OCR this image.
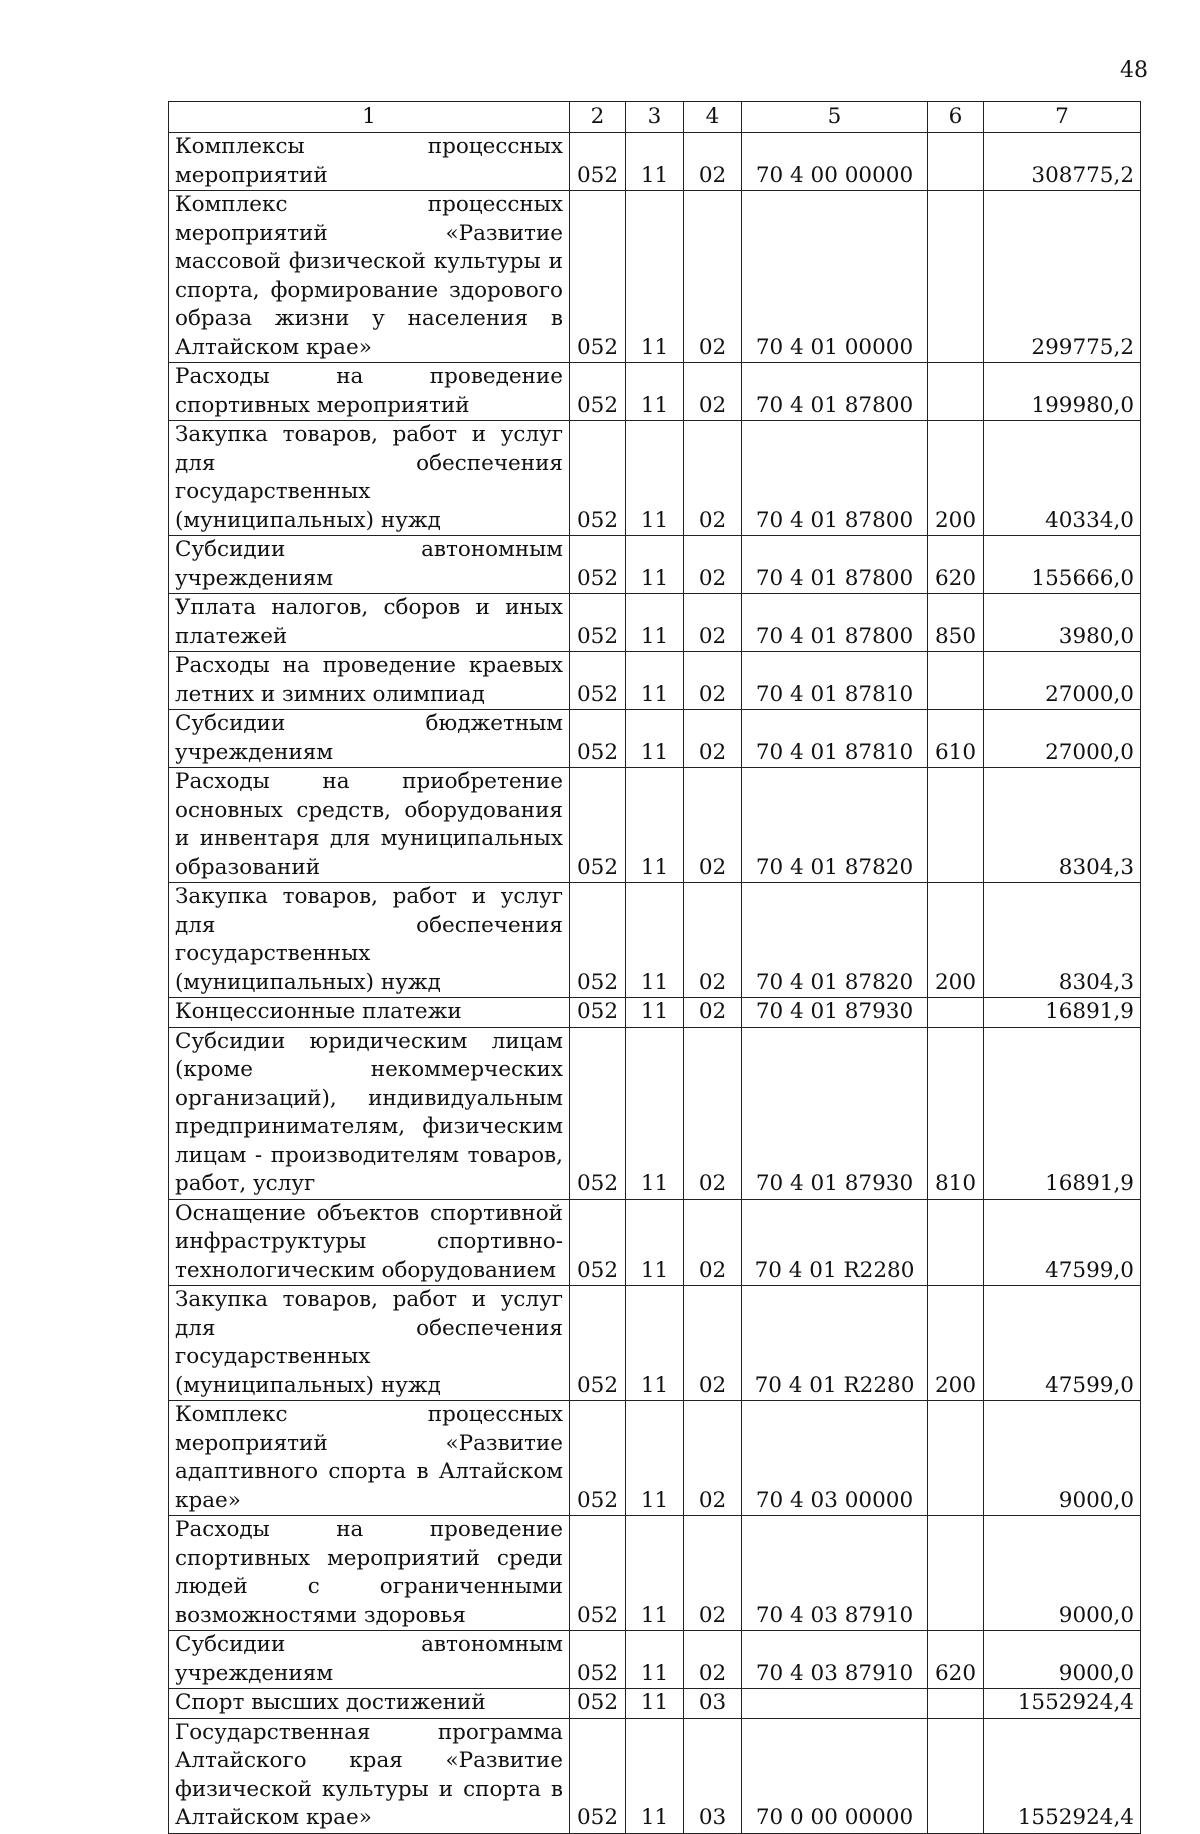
48
1	2	3	4	5	6	7
Комплексы процессных мероприятий	052	11	02	70 4 00 00000		308775,2
Комплекс процессных мероприятий «Развитие массовой физической культуры и спорта, формирование здорового образа жизни у населения в Алтайском крае»	052	11	02	70 4 01 00000		299775,2
Расходы на проведение спортивных мероприятий	052	11	02	70 4 01 87800		199980,0
Закупка товаров, работ и услуг для обеспечения государственных (муниципальных) нужд	052	11	02	70 4 01 87800	200	40334,0
Субсидии автономным учреждениям	052	11	02	70 4 01 87800	620	155666,0
Уплата налогов, сборов и иных платежей	052	11	02	70 4 01 87800	850	3980,0
Расходы на проведение краевых летних и зимних олимпиад	052	11	02	70 4 01 87810		27000,0
Субсидии бюджетным учреждениям	052	11	02	70 4 01 87810	610	27000,0
Расходы на приобретение основных средств, оборудования и инвентаря для муниципальных образований	052	11	02	70 4 01 87820		8304,3
Закупка товаров, работ и услуг для обеспечения государственных (муниципальных) нужд	052	11	02	70 4 01 87820	200	8304,3
Концессионные платежи	052	11	02	70 4 01 87930		16891,9
Субсидии юридическим лицам (кроме некоммерческих организаций), индивидуальным предпринимателям, физическим лицам - производителям товаров, работ, услуг	052	11	02	70 4 01 87930	810	16891,9
Оснащение объектов спортивной инфраструктуры спортивно-технологическим оборудованием	052	11	02	70 4 01 R2280		47599,0
Закупка товаров, работ и услуг для обеспечения государственных (муниципальных) нужд	052	11	02	70 4 01 R2280	200	47599,0
Комплекс процессных мероприятий «Развитие адаптивного спорта в Алтайском крае»	052	11	02	70 4 03 00000		9000,0
Расходы на проведение спортивных мероприятий среди людей с ограниченными возможностями здоровья	052	11	02	70 4 03 87910		9000,0
Субсидии автономным учреждениям	052	11	02	70 4 03 87910	620	9000,0
Спорт высших достижений	052	11	03			1552924,4
Государственная программа Алтайского края «Развитие физической культуры и спорта в Алтайском крае»	052	11	03	70 0 00 00000		1552924,4
